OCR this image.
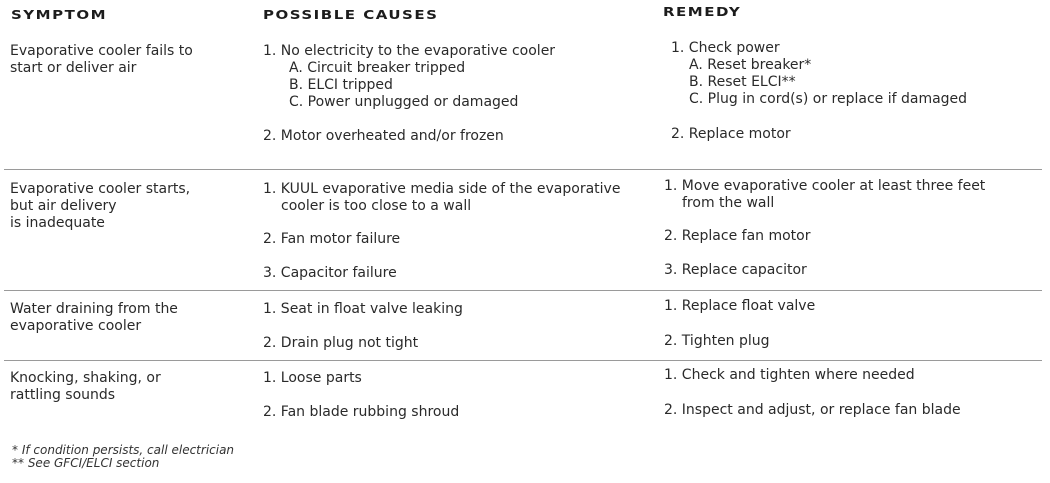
SYMPTOM	POSSIBLE CAUSES	REMEDY
Evaporative cooler fails to
start or deliver air
1. No electricity to the evaporative cooler
A. Circuit breaker tripped
B. ELCI tripped
C. Power unplugged or damaged
2. Motor overheated and/or frozen
1. Check power
A. Reset breaker*
B. Reset ELCI**
C. Plug in cord(s) or replace if damaged
2. Replace motor
Evaporative cooler starts,
but air delivery
is inadequate
1. KUUL evaporative media side of the evaporative
cooler is too close to a wall
2. Fan motor failure
3. Capacitor failure
1. Move evaporative cooler at least three feet
from the wall
2. Replace fan motor
3. Replace capacitor
Water draining from the
evaporative cooler
1. Seat in float valve leaking
2. Drain plug not tight
1. Replace float valve
2. Tighten plug
Knocking, shaking, or
rattling sounds
1. Loose parts
2. Fan blade rubbing shroud
1. Check and tighten where needed
2. Inspect and adjust, or replace fan blade
* If condition persists, call electrician
** See GFCI/ELCI section
